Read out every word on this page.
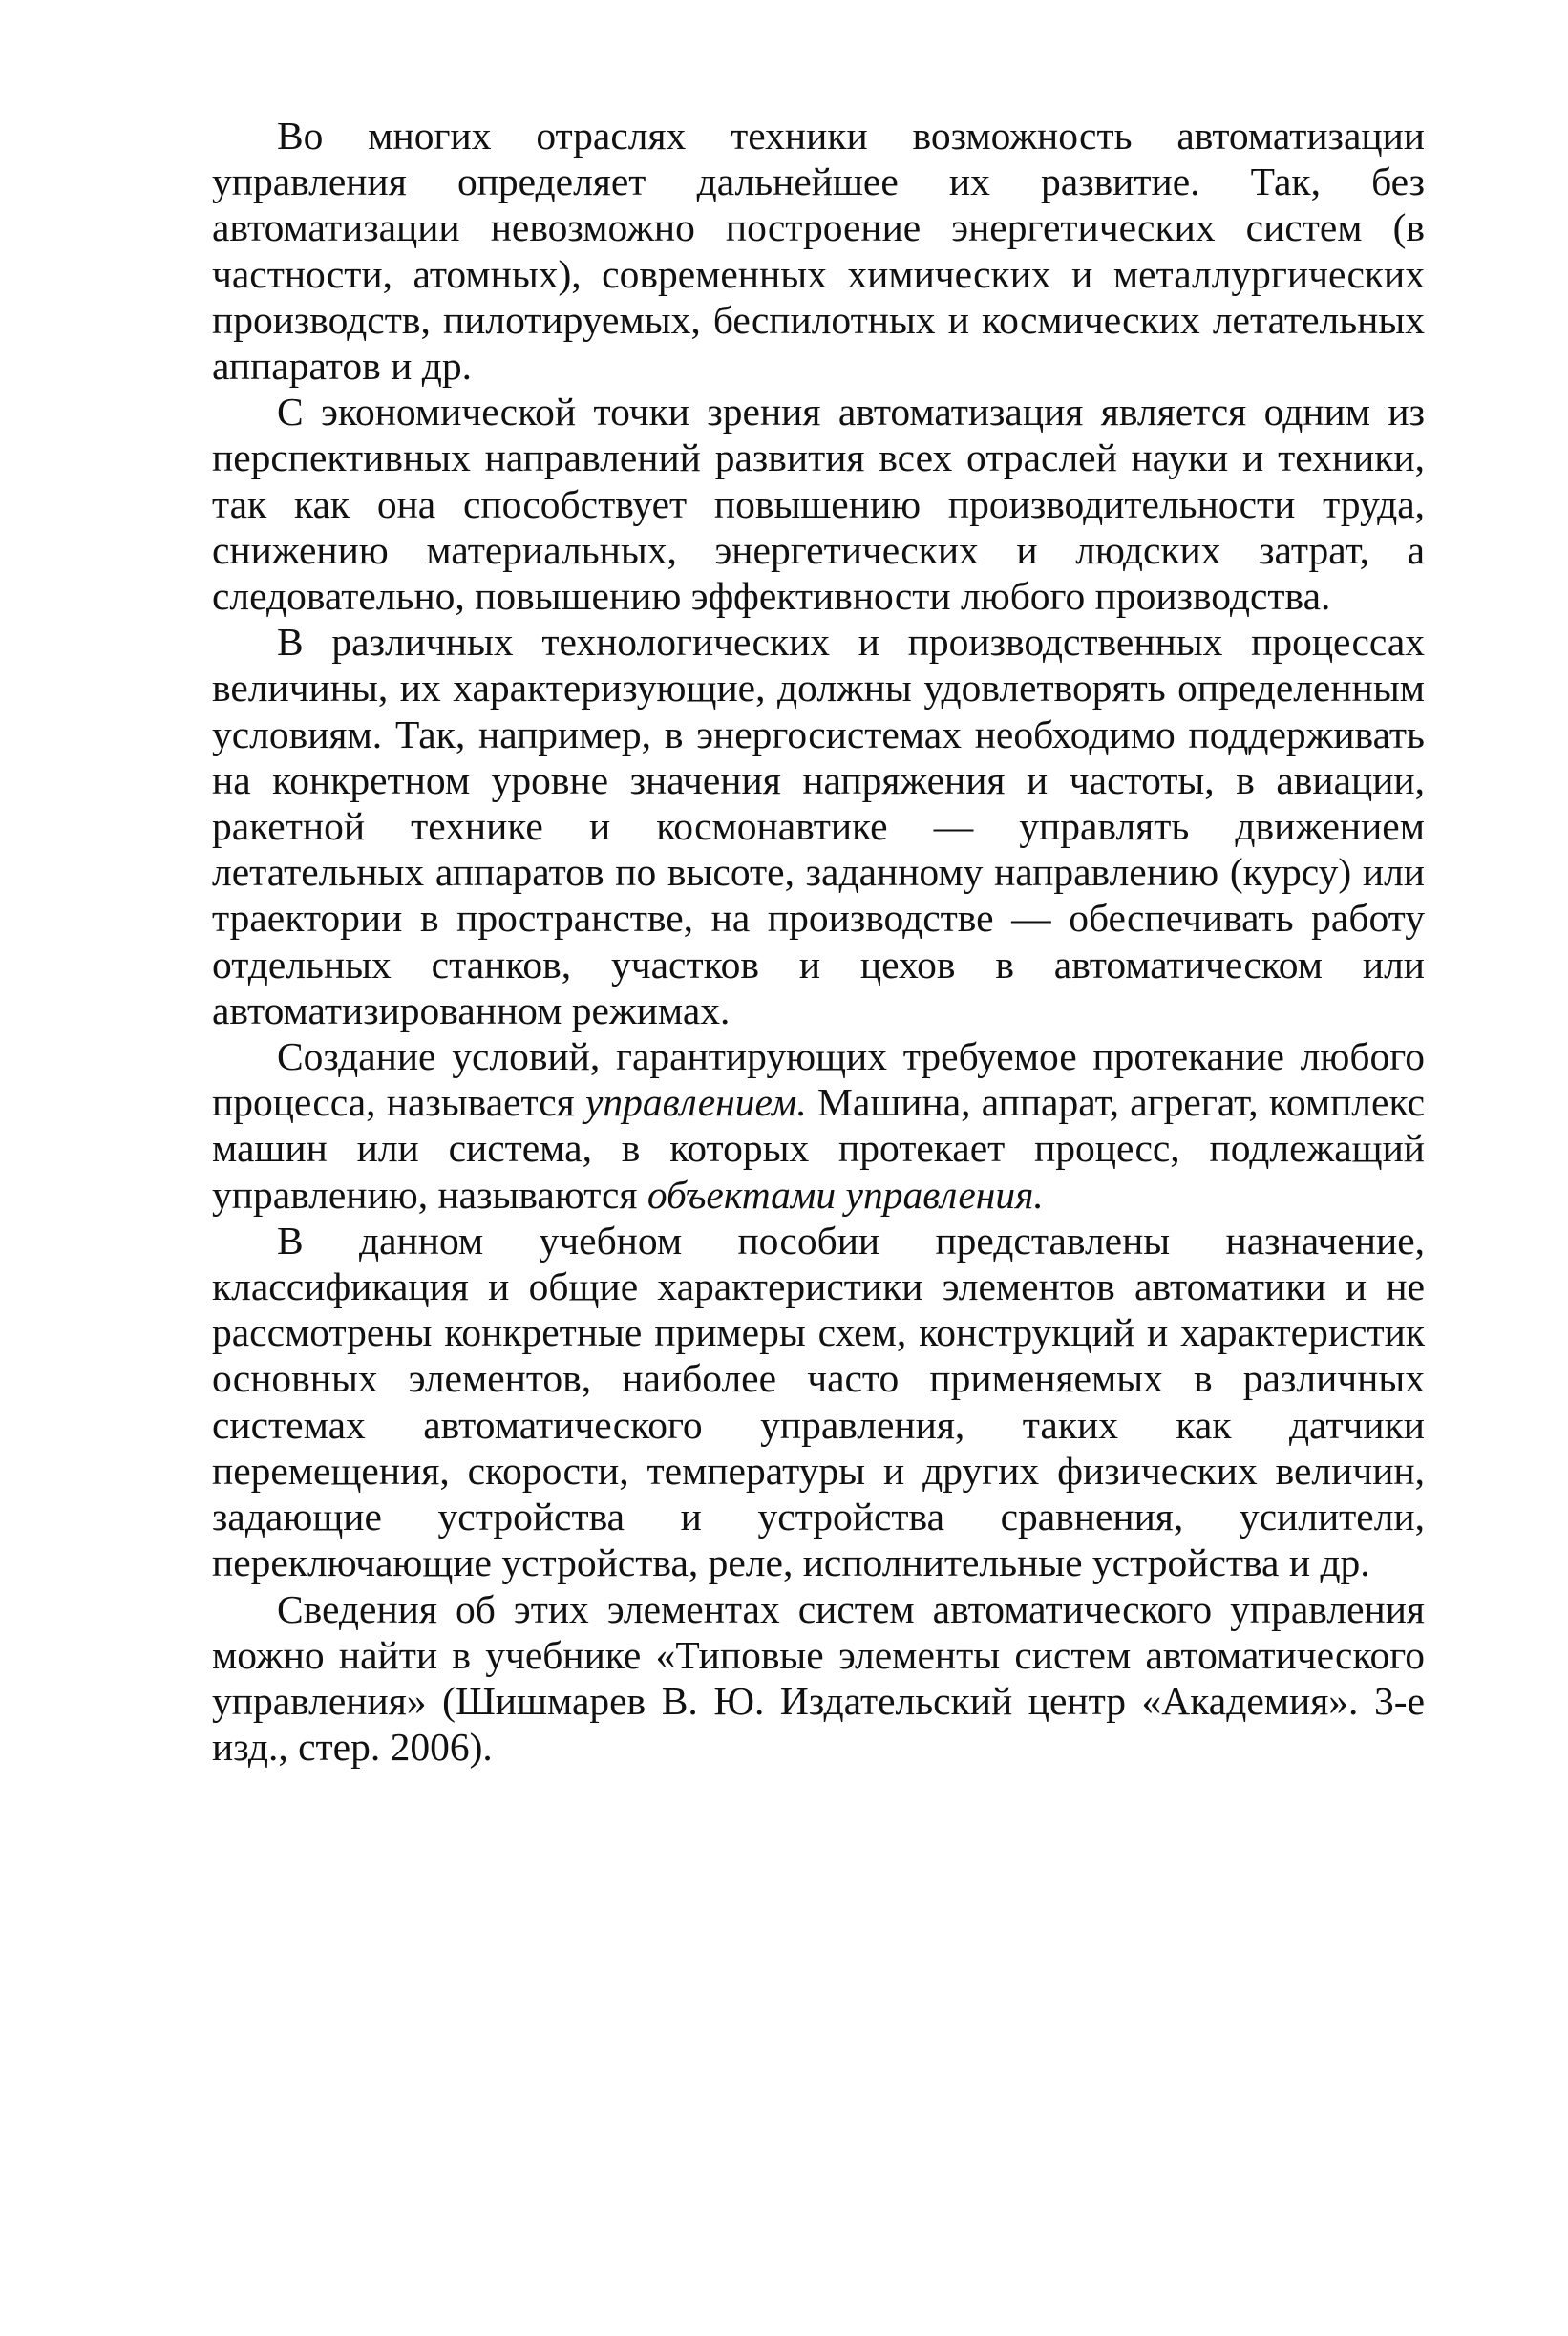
Во многих отраслях техники возможность автоматизации управления определяет дальнейшее их развитие. Так, без автоматизации невозможно построение энергетических систем (в частности, атомных), современных химических и металлургических производств, пилотируемых, беспилотных и космических летательных аппаратов и др.

С экономической точки зрения автоматизация является одним из перспективных направлений развития всех отраслей науки и техники, так как она способствует повышению производительности труда, снижению материальных, энергетических и людских затрат, а следовательно, повышению эффективности любого производства.

В различных технологических и производственных процессах величины, их характеризующие, должны удовлетворять определенным условиям. Так, например, в энергосистемах необходимо поддерживать на конкретном уровне значения напряжения и частоты, в авиации, ракетной технике и космонавтике — управлять движением летательных аппаратов по высоте, заданному направлению (курсу) или траектории в пространстве, на производстве — обеспечивать работу отдельных станков, участков и цехов в автоматическом или автоматизированном режимах.

Создание условий, гарантирующих требуемое протекание любого процесса, называется управлением. Машина, аппарат, агрегат, комплекс машин или система, в которых протекает процесс, подлежащий управлению, называются объектами управления.

В данном учебном пособии представлены назначение, классификация и общие характеристики элементов автоматики и не рассмотрены конкретные примеры схем, конструкций и характеристик основных элементов, наиболее часто применяемых в различных системах автоматического управления, таких как датчики перемещения, скорости, температуры и других физических величин, задающие устройства и устройства сравнения, усилители, переключающие устройства, реле, исполнительные устройства и др.

Сведения об этих элементах систем автоматического управления можно найти в учебнике «Типовые элементы систем автоматического управления» (Шишмарев В. Ю. Издательский центр «Академия». 3-е изд., стер. 2006).
